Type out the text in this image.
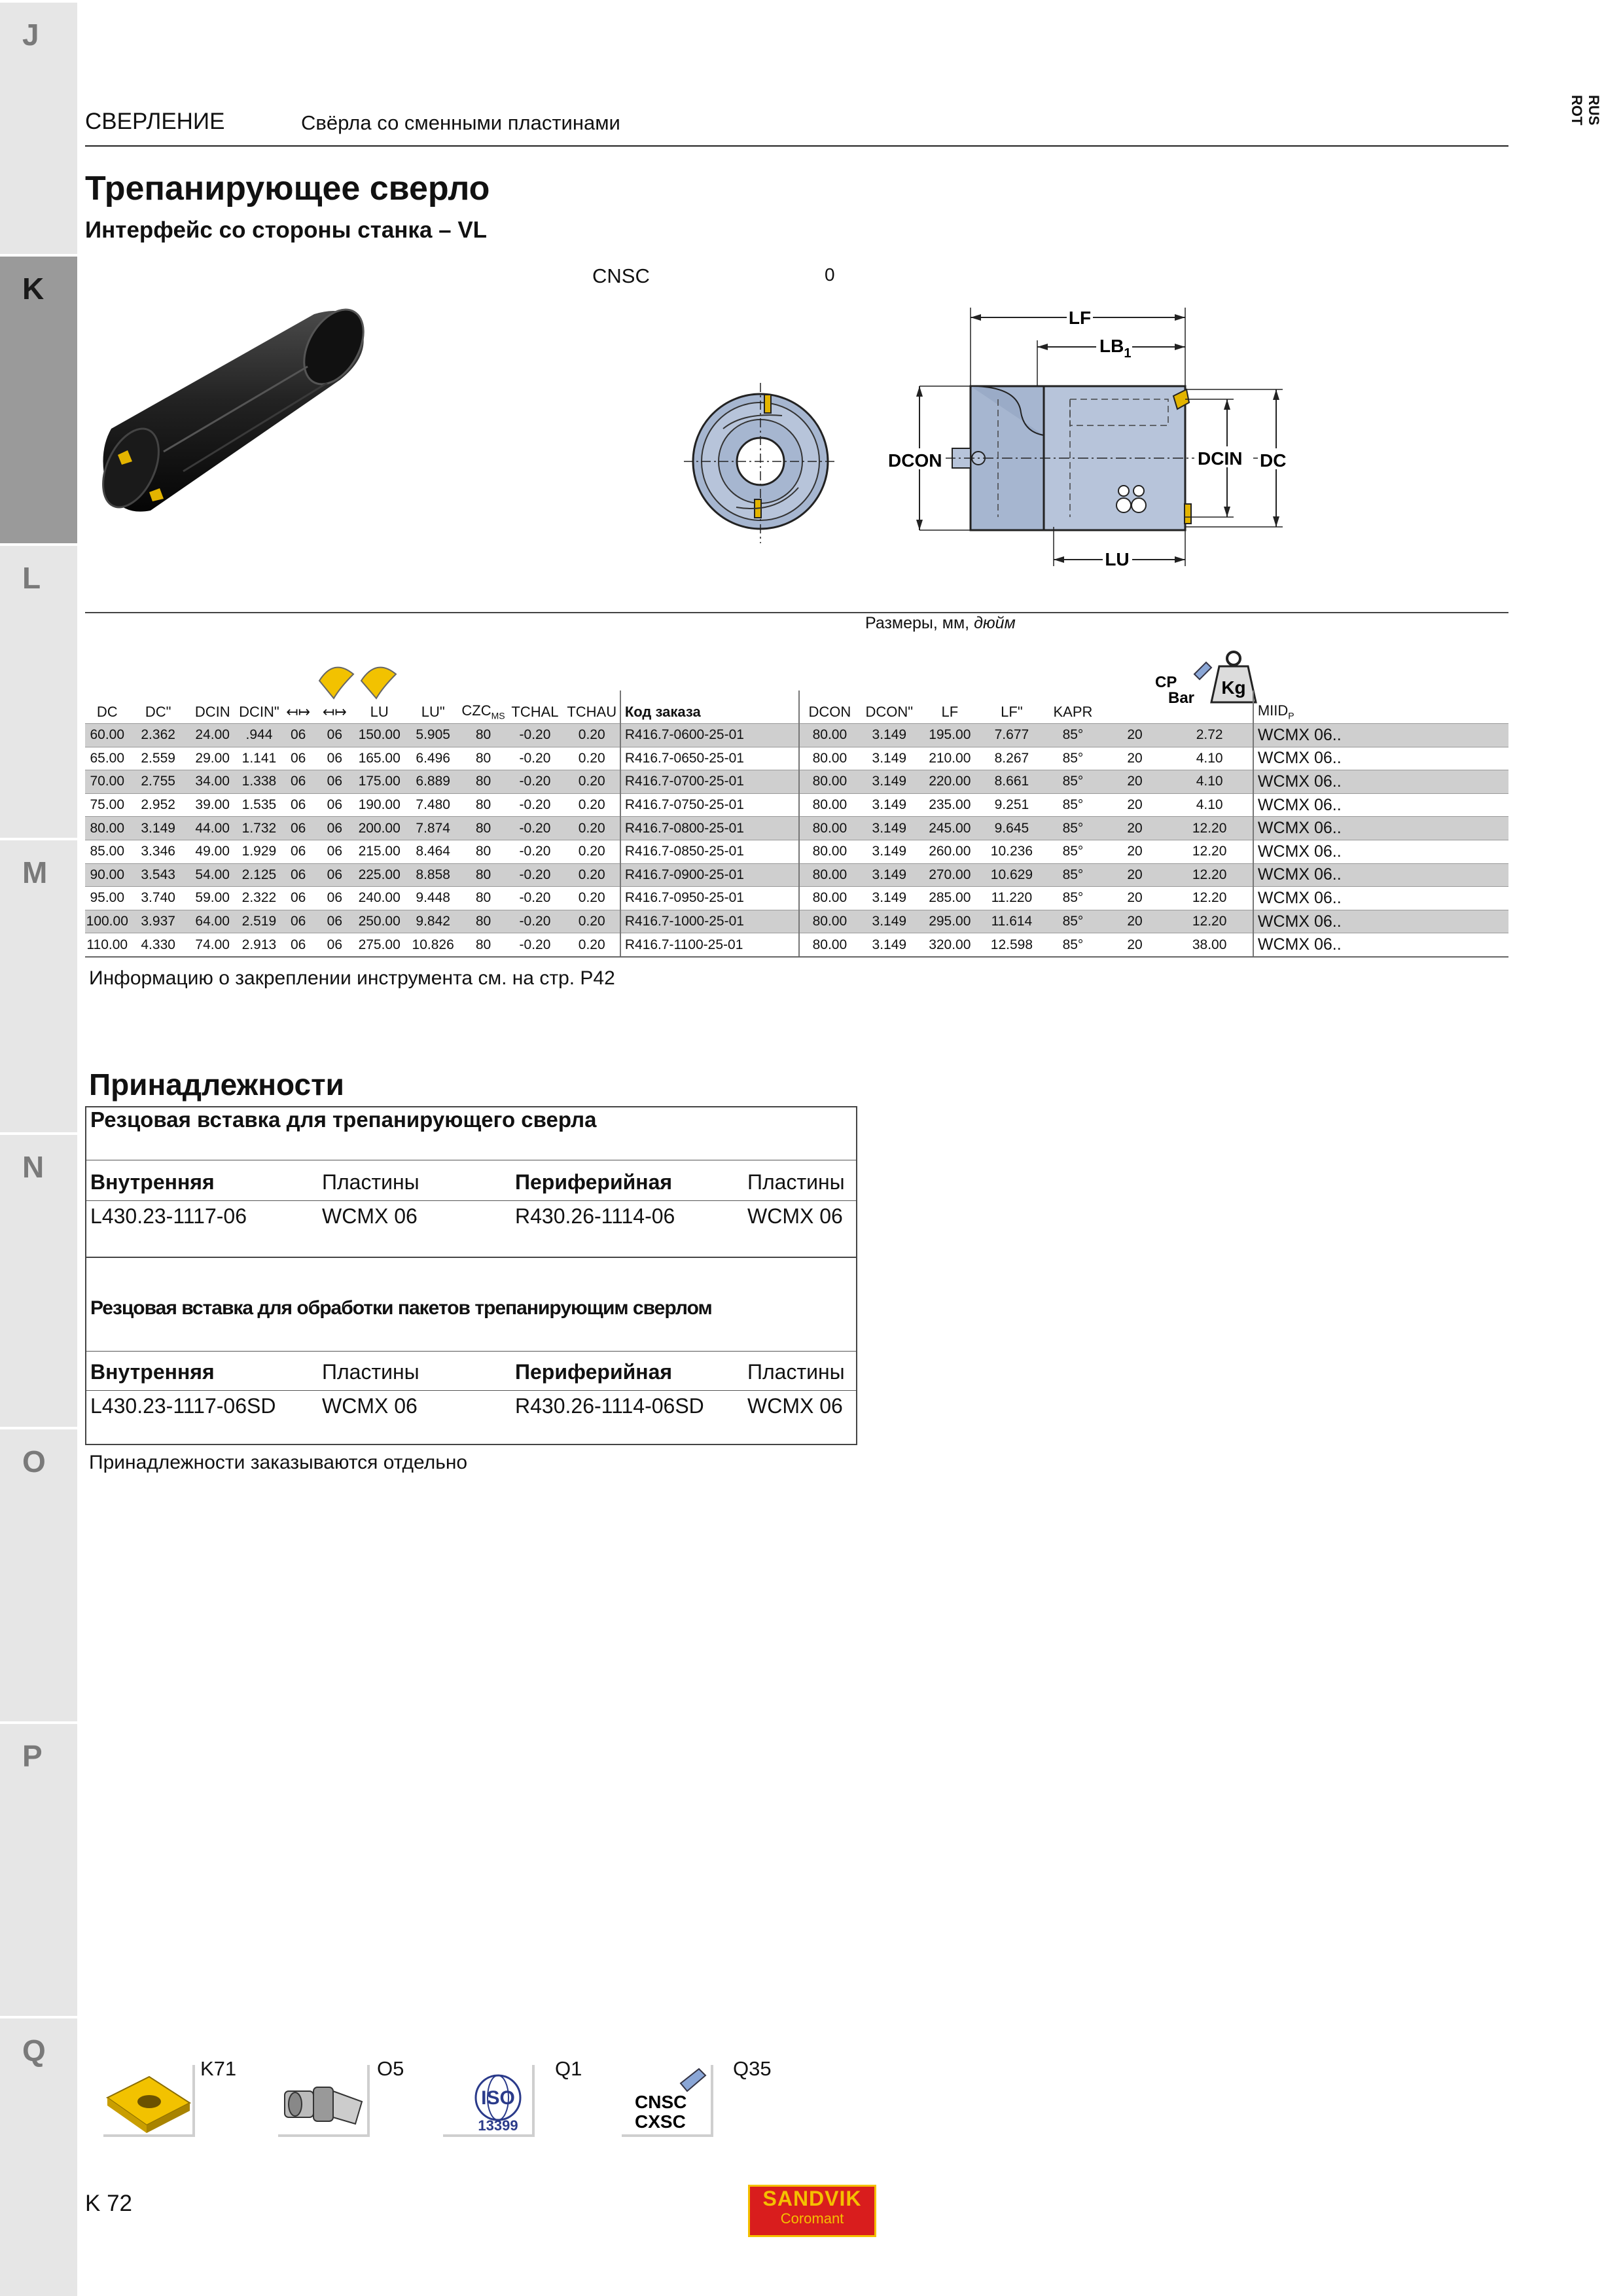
J
K
L
M
N
O
P
Q
СВЕРЛЕНИЕ	Свёрла со сменными пластинами	RUS ROT
Трепанирующее сверло
Интерфейс со стороны станка – VL
CNSC	0
LF
$LB_1$
DCON	DCIN DC
LU
Размеры, мм, дюйм
CP
Bar
Kg
DC	DC"	DCIN	DCIN"	↤↦	↤↦	LU	LU"	$CZC_{MS}$	TCHAL	TCHAU	Код заказа	DCON	DCON"	LF	LF"	KAPR			$MIID_P$
60.00	2.362	24.00	.944	06	06	150.00	5.905	80	-0.20	0.20	R416.7-0600-25-01	80.00	3.149	195.00	7.677	85°	20	2.72	WCMX 06..
65.00	2.559	29.00	1.141	06	06	165.00	6.496	80	-0.20	0.20	R416.7-0650-25-01	80.00	3.149	210.00	8.267	85°	20	4.10	WCMX 06..
70.00	2.755	34.00	1.338	06	06	175.00	6.889	80	-0.20	0.20	R416.7-0700-25-01	80.00	3.149	220.00	8.661	85°	20	4.10	WCMX 06..
75.00	2.952	39.00	1.535	06	06	190.00	7.480	80	-0.20	0.20	R416.7-0750-25-01	80.00	3.149	235.00	9.251	85°	20	4.10	WCMX 06..
80.00	3.149	44.00	1.732	06	06	200.00	7.874	80	-0.20	0.20	R416.7-0800-25-01	80.00	3.149	245.00	9.645	85°	20	12.20	WCMX 06..
85.00	3.346	49.00	1.929	06	06	215.00	8.464	80	-0.20	0.20	R416.7-0850-25-01	80.00	3.149	260.00	10.236	85°	20	12.20	WCMX 06..
90.00	3.543	54.00	2.125	06	06	225.00	8.858	80	-0.20	0.20	R416.7-0900-25-01	80.00	3.149	270.00	10.629	85°	20	12.20	WCMX 06..
95.00	3.740	59.00	2.322	06	06	240.00	9.448	80	-0.20	0.20	R416.7-0950-25-01	80.00	3.149	285.00	11.220	85°	20	12.20	WCMX 06..
100.00	3.937	64.00	2.519	06	06	250.00	9.842	80	-0.20	0.20	R416.7-1000-25-01	80.00	3.149	295.00	11.614	85°	20	12.20	WCMX 06..
110.00	4.330	74.00	2.913	06	06	275.00	10.826	80	-0.20	0.20	R416.7-1100-25-01	80.00	3.149	320.00	12.598	85°	20	38.00	WCMX 06..
Информацию о закреплении инструмента см. на стр. P42
Принадлежности
Резцовая вставка для трепанирующего сверла
Внутренняя	Пластины	Периферийная	Пластины
L430.23-1117-06	WCMX 06	R430.26-1114-06	WCMX 06
Резцовая вставка для обработки пакетов трепанирующим сверлом
Внутренняя	Пластины	Периферийная	Пластины
L430.23-1117-06SD WCMX 06	R430.26-1114-06SD WCMX 06
Принадлежности заказываются отдельно
K71	O5
ISO
13399
Q1
CNSC
CXSC
Q35
K 72	SANDVIK
Coromant
